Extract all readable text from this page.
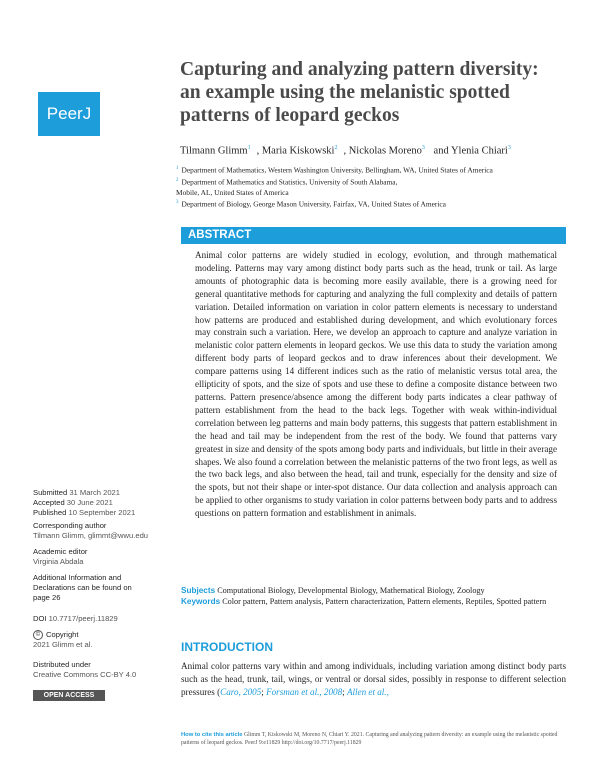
PeerJ
Capturing and analyzing pattern diversity: an example using the melanistic spotted patterns of leopard geckos
Tilmann Glimm$^1$ , Maria Kiskowski$^2$ , Nickolas Moreno$^3$ and Ylenia Chiari$^3$
$^1$ Department of Mathematics, Western Washington University, Bellingham, WA, United States of America
$^2$ Department of Mathematics and Statistics, University of South Alabama, Mobile, AL, United States of America
$^3$ Department of Biology, George Mason University, Fairfax, VA, United States of America
ABSTRACT
Animal color patterns are widely studied in ecology, evolution, and through mathematical modeling. Patterns may vary among distinct body parts such as the head, trunk or tail. As large amounts of photographic data is becoming more easily available, there is a growing need for general quantitative methods for capturing and analyzing the full complexity and details of pattern variation. Detailed information on variation in color pattern elements is necessary to understand how patterns are produced and established during development, and which evolutionary forces may constrain such a variation. Here, we develop an approach to capture and analyze variation in melanistic color pattern elements in leopard geckos. We use this data to study the variation among different body parts of leopard geckos and to draw inferences about their development. We compare patterns using 14 different indices such as the ratio of melanistic versus total area, the ellipticity of spots, and the size of spots and use these to define a composite distance between two patterns. Pattern presence/absence among the different body parts indicates a clear pathway of pattern establishment from the head to the back legs. Together with weak within-individual correlation between leg patterns and main body patterns, this suggests that pattern establishment in the head and tail may be independent from the rest of the body. We found that patterns vary greatest in size and density of the spots among body parts and individuals, but little in their average shapes. We also found a correlation between the melanistic patterns of the two front legs, as well as the two back legs, and also between the head, tail and trunk, especially for the density and size of the spots, but not their shape or inter-spot distance. Our data collection and analysis approach can be applied to other organisms to study variation in color patterns between body parts and to address questions on pattern formation and establishment in animals.
Submitted 31 March 2021
Accepted 30 June 2021
Published 10 September 2021
Corresponding author
Tilmann Glimm, glimmt@wwu.edu
Academic editor
Virginia Abdala
Additional Information and Declarations can be found on page 26
DOI 10.7717/peerj.11829
© Copyright
2021 Glimm et al.
Distributed under
Creative Commons CC-BY 4.0
OPEN ACCESS
Subjects Computational Biology, Developmental Biology, Mathematical Biology, Zoology
Keywords Color pattern, Pattern analysis, Pattern characterization, Pattern elements, Reptiles, Spotted pattern
INTRODUCTION
Animal color patterns vary within and among individuals, including variation among distinct body parts such as the head, trunk, tail, wings, or ventral or dorsal sides, possibly in response to different selection pressures (Caro, 2005; Forsman et al., 2008; Allen et al.,
How to cite this article Glimm T, Kiskowski M, Moreno N, Chiari Y. 2021. Capturing and analyzing pattern diversity: an example using the melanistic spotted patterns of leopard geckos. PeerJ 9:e11829 http://doi.org/10.7717/peerj.11829
